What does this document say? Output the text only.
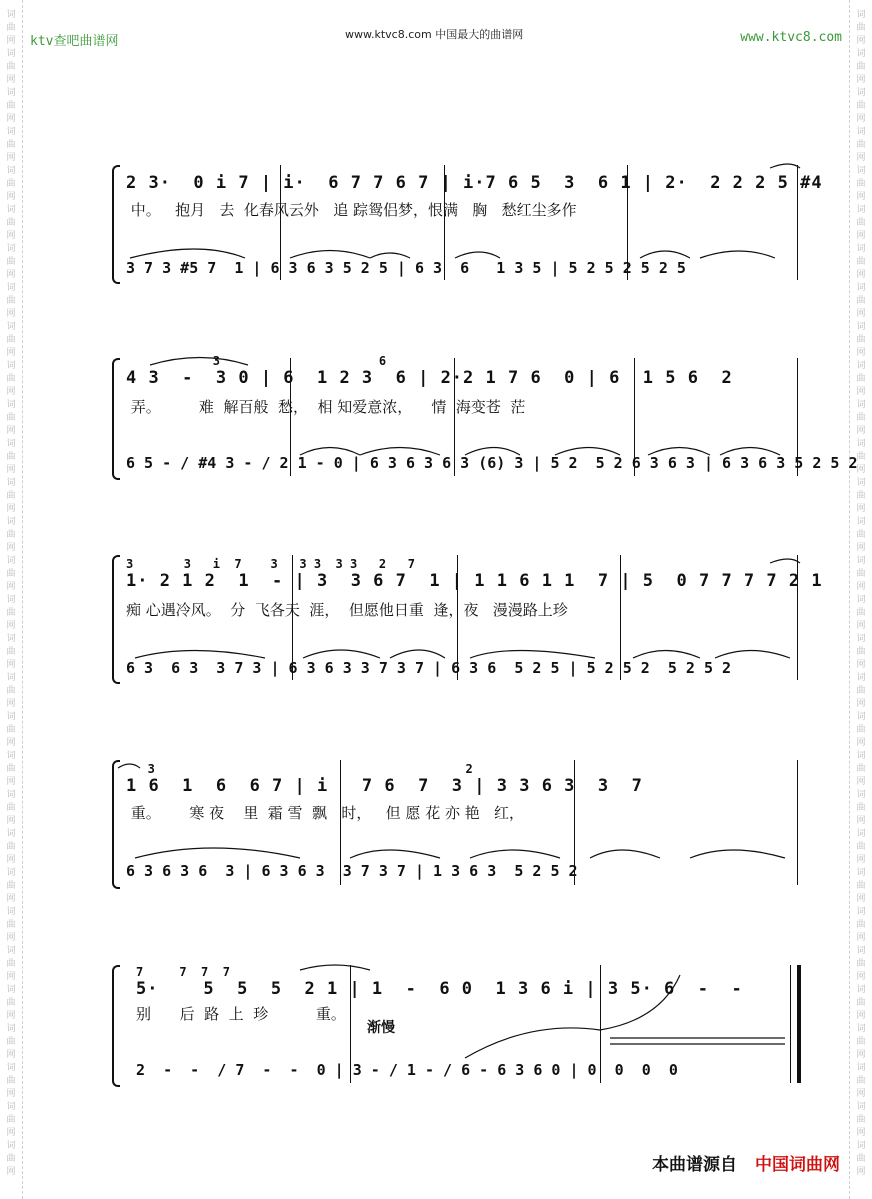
词
曲
网
词
曲
网
词
曲
网
词
曲
网
词
曲
网
词
曲
网
词
曲
网
词
曲
网
词
曲
网
词
曲
网
词
曲
网
词
曲
网
词
曲
网
词
曲
网
词
曲
网
词
曲
网
词
曲
网
词
曲
网
词
曲
网
词
曲
网
词
曲
网
词
曲
网
词
曲
网
词
曲
网
词
曲
网
词
曲
网
词
曲
网
词
曲
网
词
曲
网
词
曲
网
词
曲
网
词
曲
网
词
曲
网
词
曲
网
词
曲
网
词
曲
网
词
曲
网
词
曲
网
词
曲
网
词
曲
网
词
曲
网
词
曲
网
词
曲
网
词
曲
网
词
曲
网
词
曲
网
词
曲
网
词
曲
网
词
曲
网
词
曲
网
词
曲
网
词
曲
网
词
曲
网
词
曲
网
词
曲
网
词
曲
网
词
曲
网
词
曲
网
词
曲
网
词
曲
网
ktv查吧曲谱网	www.ktvc8.com 中国最大的曲谱网	www.ktvc8.com
2 3·  0 i 7 | i·  6 7 7 6 7 | i·7 6 5  3  6 1 | 2·  2 2 2 5 #4
中。   抱月   去  化春风云外   追 踪鸳侣梦，恨满   胸   愁红尘多作
3 7 3 #5 7  1 | 6 3 6 3 5 2 5 | 6 3  6   1 3 5 | 5 2 5 2 5 2 5
3                      6
4 3  -  3 0 | 6  1 2 3  6 | 2·2 1 7 6  0 | 6  1 5 6  2
弄。        难  解百般  愁，  相 知爱意浓，    情  海变苍  茫
6 5 - / #4 3 - / 2 1 - 0 | 6 3 6 3 6 3 (6) 3 | 5 2  5 2 6 3 6 3 | 6 3 6 3 5 2 5 2
3       3   i  7    3   3 3  3 3   2   7
1· 2 1 2  1  - | 3  3 6 7  1 | 1 1 6 1 1  7 | 5  0 7 7 7 7 2 1
痴 心遇冷风。  分  飞各天  涯，  但愿他日重  逢，夜   漫漫路上珍
6 3  6 3  3 7 3 | 6 3 6 3 3 7 3 7 | 6 3 6  5 2 5 | 5 2 5 2  5 2 5 2
3                                           2
1 6  1  6  6 7 | i   7 6  7  3 | 3 3 6 3  3  7
重。      寒 夜    里  霜 雪  飘   时，   但 愿 花 亦 艳   红，
6 3 6 3 6  3 | 6 3 6 3  3 7 3 7 | 1 3 6 3  5 2 5 2
7     7  7  7
5·    5  5  5  2 1 | 1  -  6 0  1 3 6 i | 3 5· 6  -  -
别      后  路  上  珍          重。
渐慢
2  -  -  / 7  -  -  0 | 3 - / 1 - / 6 - 6 3 6 0 | 0  0  0  0
本曲谱源自 中国词曲网
